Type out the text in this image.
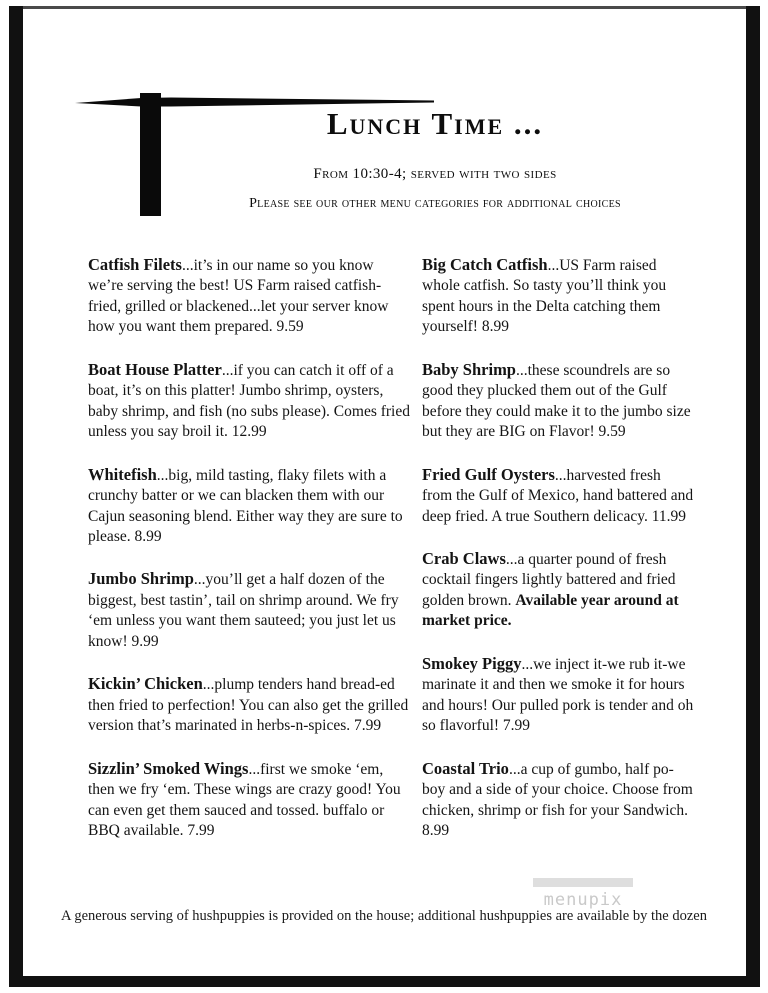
Lunch Time ...
From 10:30-4; served with two sides
Please see our other menu categories for additional choices
Catfish Filets...it’s in our name so you know we’re serving the best! US Farm raised catfish-fried, grilled or blackened...let your server know how you want them prepared. 9.59
Boat House Platter...if you can catch it off of a boat, it’s on this platter! Jumbo shrimp, oysters, baby shrimp, and fish (no subs please). Comes fried unless you say broil it. 12.99
Whitefish...big, mild tasting, flaky filets with a crunchy batter or we can blacken them with our Cajun seasoning blend. Either way they are sure to please. 8.99
Jumbo Shrimp...you’ll get a half dozen of the biggest, best tastin’, tail on shrimp around. We fry ‘em unless you want them sauteed; you just let us know! 9.99
Kickin’ Chicken...plump tenders hand bread-ed then fried to perfection! You can also get the grilled version that’s marinated in herbs-n-spices. 7.99
Sizzlin’ Smoked Wings...first we smoke ‘em, then we fry ‘em. These wings are crazy good! You can even get them sauced and tossed. buffalo or BBQ available. 7.99
Big Catch Catfish...US Farm raised whole catfish. So tasty you’ll think you spent hours in the Delta catching them yourself! 8.99
Baby Shrimp...these scoundrels are so good they plucked them out of the Gulf before they could make it to the jumbo size but they are BIG on Flavor! 9.59
Fried Gulf Oysters...harvested fresh from the Gulf of Mexico, hand battered and deep fried. A true Southern delicacy. 11.99
Crab Claws...a quarter pound of fresh cocktail fingers lightly battered and fried golden brown. Available year around at market price.
Smokey Piggy...we inject it-we rub it-we marinate it and then we smoke it for hours and hours! Our pulled pork is tender and oh so flavorful! 7.99
Coastal Trio...a cup of gumbo, half po-boy and a side of your choice. Choose from chicken, shrimp or fish for your Sandwich. 8.99
menupix
A generous serving of hushpuppies is provided on the house; additional hushpuppies are available by the dozen
